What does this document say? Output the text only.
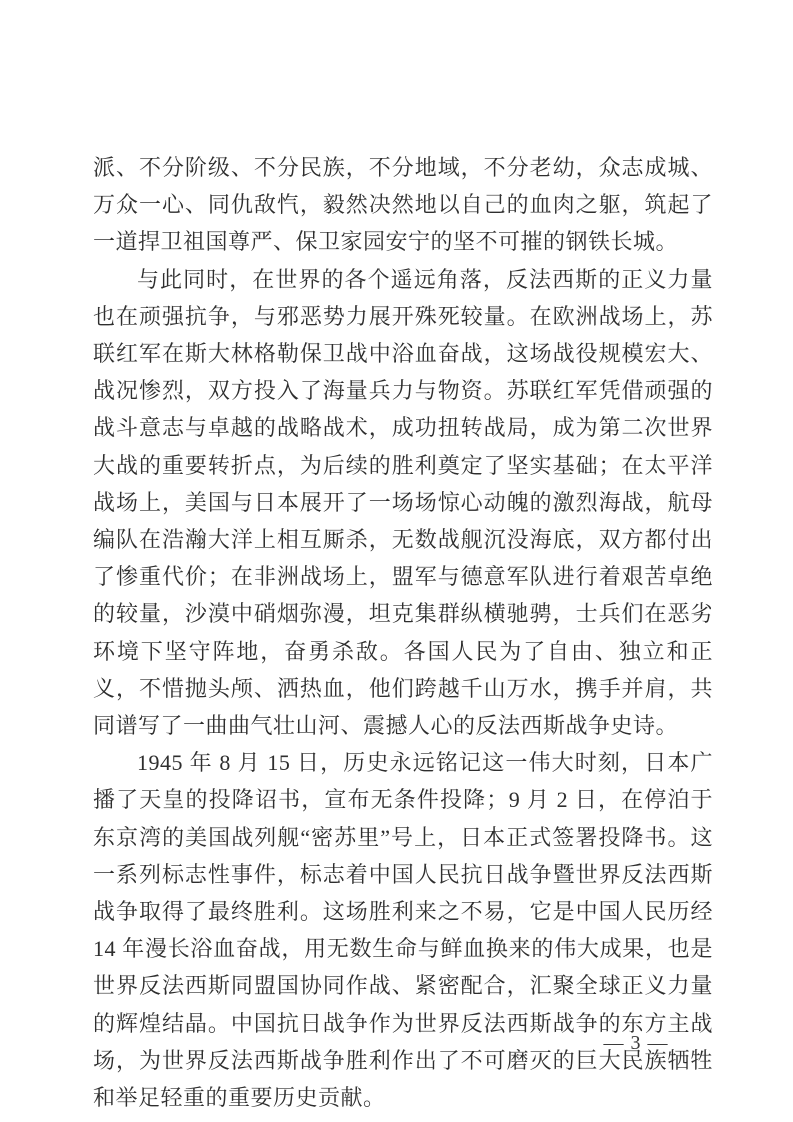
派、不分阶级、不分民族，不分地域，不分老幼，众志成城、万众一心、同仇敌忾，毅然决然地以自己的血肉之躯，筑起了一道捍卫祖国尊严、保卫家园安宁的坚不可摧的钢铁长城。

与此同时，在世界的各个遥远角落，反法西斯的正义力量也在顽强抗争，与邪恶势力展开殊死较量。在欧洲战场上，苏联红军在斯大林格勒保卫战中浴血奋战，这场战役规模宏大、战况惨烈，双方投入了海量兵力与物资。苏联红军凭借顽强的战斗意志与卓越的战略战术，成功扭转战局，成为第二次世界大战的重要转折点，为后续的胜利奠定了坚实基础；在太平洋战场上，美国与日本展开了一场场惊心动魄的激烈海战，航母编队在浩瀚大洋上相互厮杀，无数战舰沉没海底，双方都付出了惨重代价；在非洲战场上，盟军与德意军队进行着艰苦卓绝的较量，沙漠中硝烟弥漫，坦克集群纵横驰骋，士兵们在恶劣环境下坚守阵地，奋勇杀敌。各国人民为了自由、独立和正义，不惜抛头颅、洒热血，他们跨越千山万水，携手并肩，共同谱写了一曲曲气壮山河、震撼人心的反法西斯战争史诗。

1945 年 8 月 15 日，历史永远铭记这一伟大时刻，日本广播了天皇的投降诏书，宣布无条件投降；9 月 2 日，在停泊于东京湾的美国战列舰“密苏里”号上，日本正式签署投降书。这一系列标志性事件，标志着中国人民抗日战争暨世界反法西斯战争取得了最终胜利。这场胜利来之不易，它是中国人民历经 14 年漫长浴血奋战，用无数生命与鲜血换来的伟大成果，也是世界反法西斯同盟国协同作战、紧密配合，汇聚全球正义力量的辉煌结晶。中国抗日战争作为世界反法西斯战争的东方主战场，为世界反法西斯战争胜利作出了不可磨灭的巨大民族牺牲和举足轻重的重要历史贡献。

— 3 —
